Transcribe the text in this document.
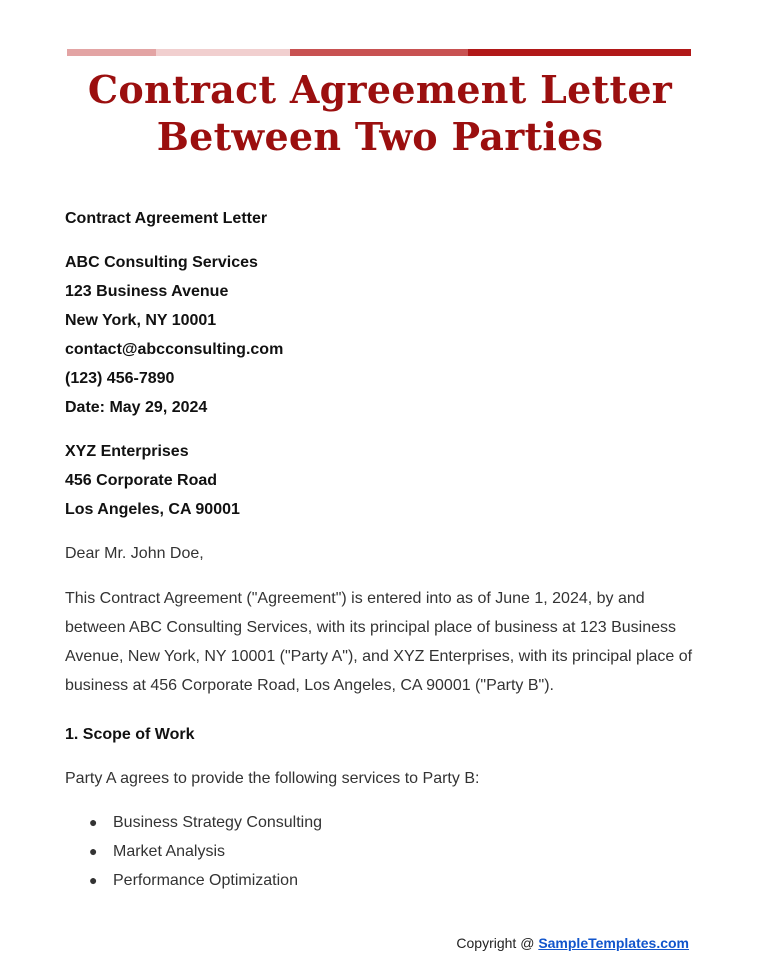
Contract Agreement Letter Between Two Parties
Contract Agreement Letter
ABC Consulting Services
123 Business Avenue
New York, NY 10001
contact@abcconsulting.com
(123) 456-7890
Date: May 29, 2024
XYZ Enterprises
456 Corporate Road
Los Angeles, CA 90001
Dear Mr. John Doe,

This Contract Agreement ("Agreement") is entered into as of June 1, 2024, by and between ABC Consulting Services, with its principal place of business at 123 Business Avenue, New York, NY 10001 ("Party A"), and XYZ Enterprises, with its principal place of business at 456 Corporate Road, Los Angeles, CA 90001 ("Party B").

1. Scope of Work
Party A agrees to provide the following services to Party B:
● Business Strategy Consulting
● Market Analysis
● Performance Optimization
Copyright @ SampleTemplates.com
